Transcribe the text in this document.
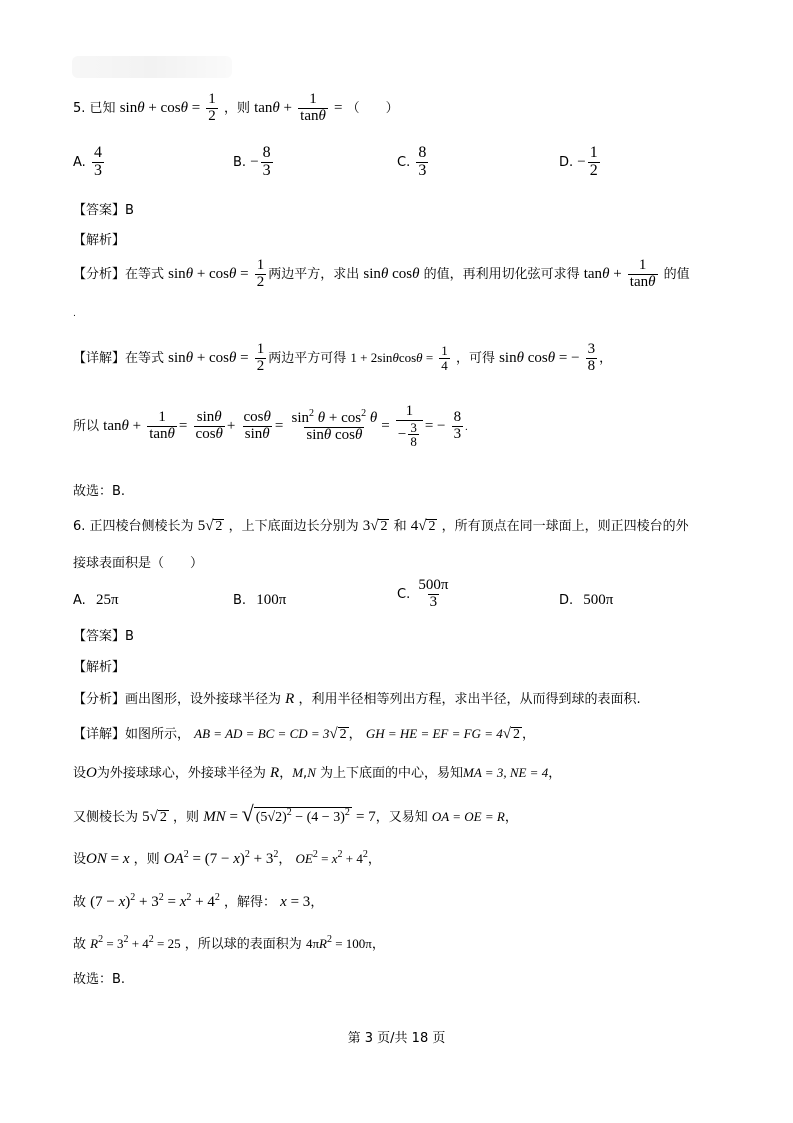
5. 已知 $\sin\theta + \cos\theta = \frac{1}{2}$ ，则 $\tan\theta + \frac{1}{\tan\theta}$ = （　　）
A. $\frac{4}{3}$	B. − $\frac{8}{3}$	C. $\frac{8}{3}$	D. − $\frac{1}{2}$
【答案】B
【解析】
【分析】在等式 $\sin\theta + \cos\theta = \frac{1}{2}$ 两边平方，求出 sinθ cosθ 的值，再利用切化弦可求得 $\tan\theta + \frac{1}{\tan\theta}$ 的值
.
【详解】在等式 $\sin\theta + \cos\theta = \frac{1}{2}$ 两边平方可得 $1 + 2\sin\theta\cos\theta = \frac{1}{4}$ ，可得 sinθ cosθ = − $\frac{3}{8}$ ，
所以 $\tan\theta + \frac{1}{\tan\theta} = \frac{\sin\theta}{\cos\theta} + \frac{\cos\theta}{\sin\theta} = \frac{\sin^2 \theta + \cos^2 \theta}{\text{sinθ cosθ}} = \frac{1}{- \frac{3}{8}}$ = − $\frac{8}{3}$ .
故选：B.
6. 正四棱台侧棱长为 5 √ 2 ，上下底面边长分别为 3 √ 2 和 4 √ 2 ，所有顶点在同一球面上，则正四棱台的外
接球表面积是（　　）
A. 25π	B. 100π	C. $\frac{500\pi}{3}$	D. 500π
【答案】B
【解析】
【分析】画出图形，设外接球半径为 R ，利用半径相等列出方程，求出半径，从而得到球的表面积.
【详解】如图所示， AB = AD = BC = CD = 3 √ 2 ， GH = HE = EF = FG = 4 √ 2 ，
设O为外接球球心，外接球半径为 R，M,N 为上下底面的中心，易知MA = 3, NE = 4，
又侧棱长为 5 √ 2 ，则 MN = √ $(5√2)^2 - (4 - 3)^2 = 7$，又易知 OA = OE = R，
设ON = x ，则 $OA^2 = (7 - x)^2 + 3^2$， $OE^2 = x^2 + 4^2$，
故 $(7 - x)^2 + 3^2 = x^2 + 4^2$ ，解得： x = 3，
故 $R^2 = 3^2 + 4^2 = 25$ ，所以球的表面积为 $4\pi R^2 = 100\pi$，
故选：B.
第 3 页/共 18 页
